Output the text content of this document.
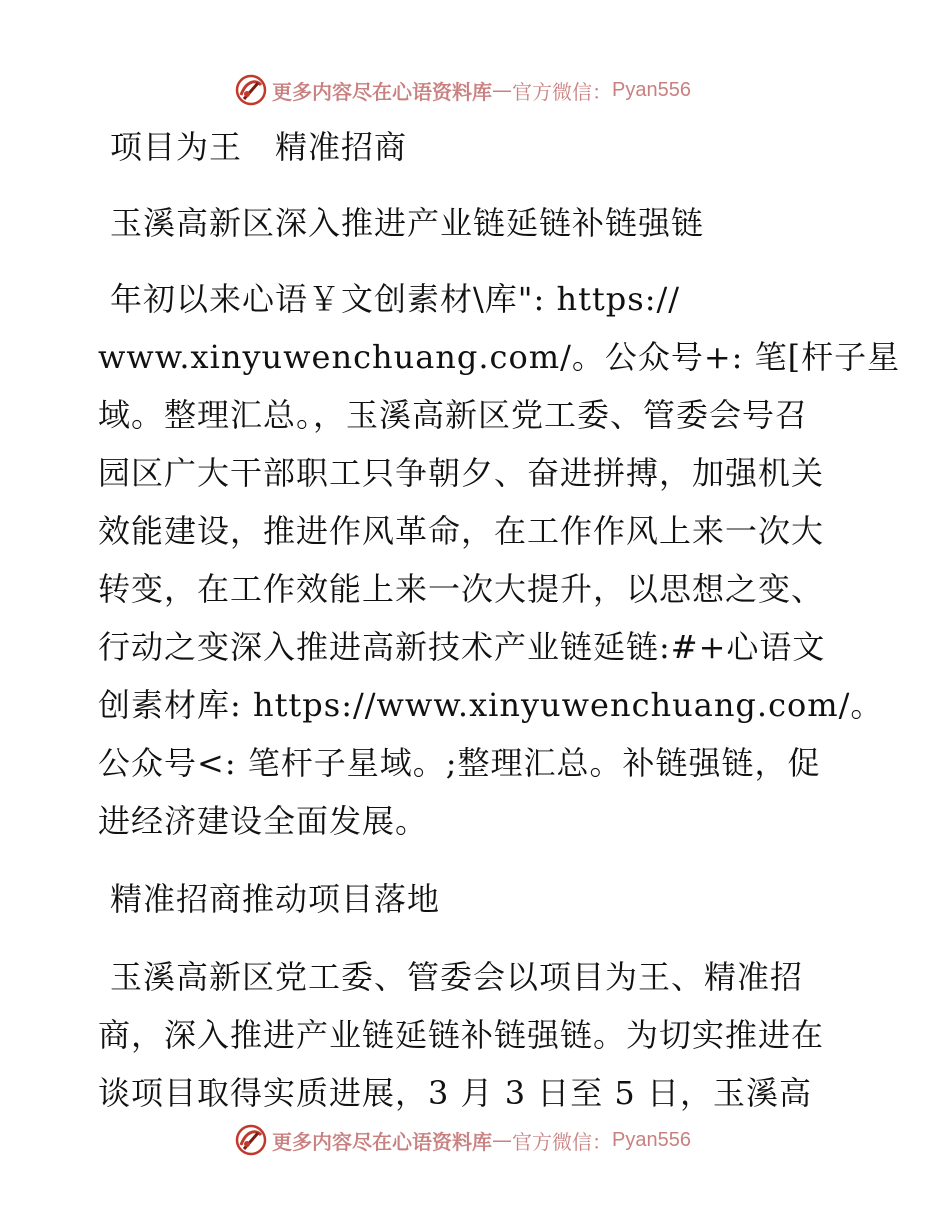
更多内容尽在心语资料库 — 官方微信： Pyan556
项目为王　精准招商
玉溪高新区深入推进产业链延链补链强链
年初以来心语￥文创素材\库": https://
www.xinyuwenchuang.com/。公众号+: 笔[杆子星
域。整理汇总。，玉溪高新区党工委、管委会号召
园区广大干部职工只争朝夕、奋进拼搏，加强机关
效能建设，推进作风革命，在工作作风上来一次大
转变，在工作效能上来一次大提升，以思想之变、
行动之变深入推进高新技术产业链延链:#+心语文
创素材库: https://www.xinyuwenchuang.com/。
公众号<: 笔杆子星域。;整理汇总。补链强链，促
进经济建设全面发展。
精准招商推动项目落地
玉溪高新区党工委、管委会以项目为王、精准招
商，深入推进产业链延链补链强链。为切实推进在
谈项目取得实质进展，3 月 3 日至 5 日，玉溪高
更多内容尽在心语资料库 — 官方微信： Pyan556
